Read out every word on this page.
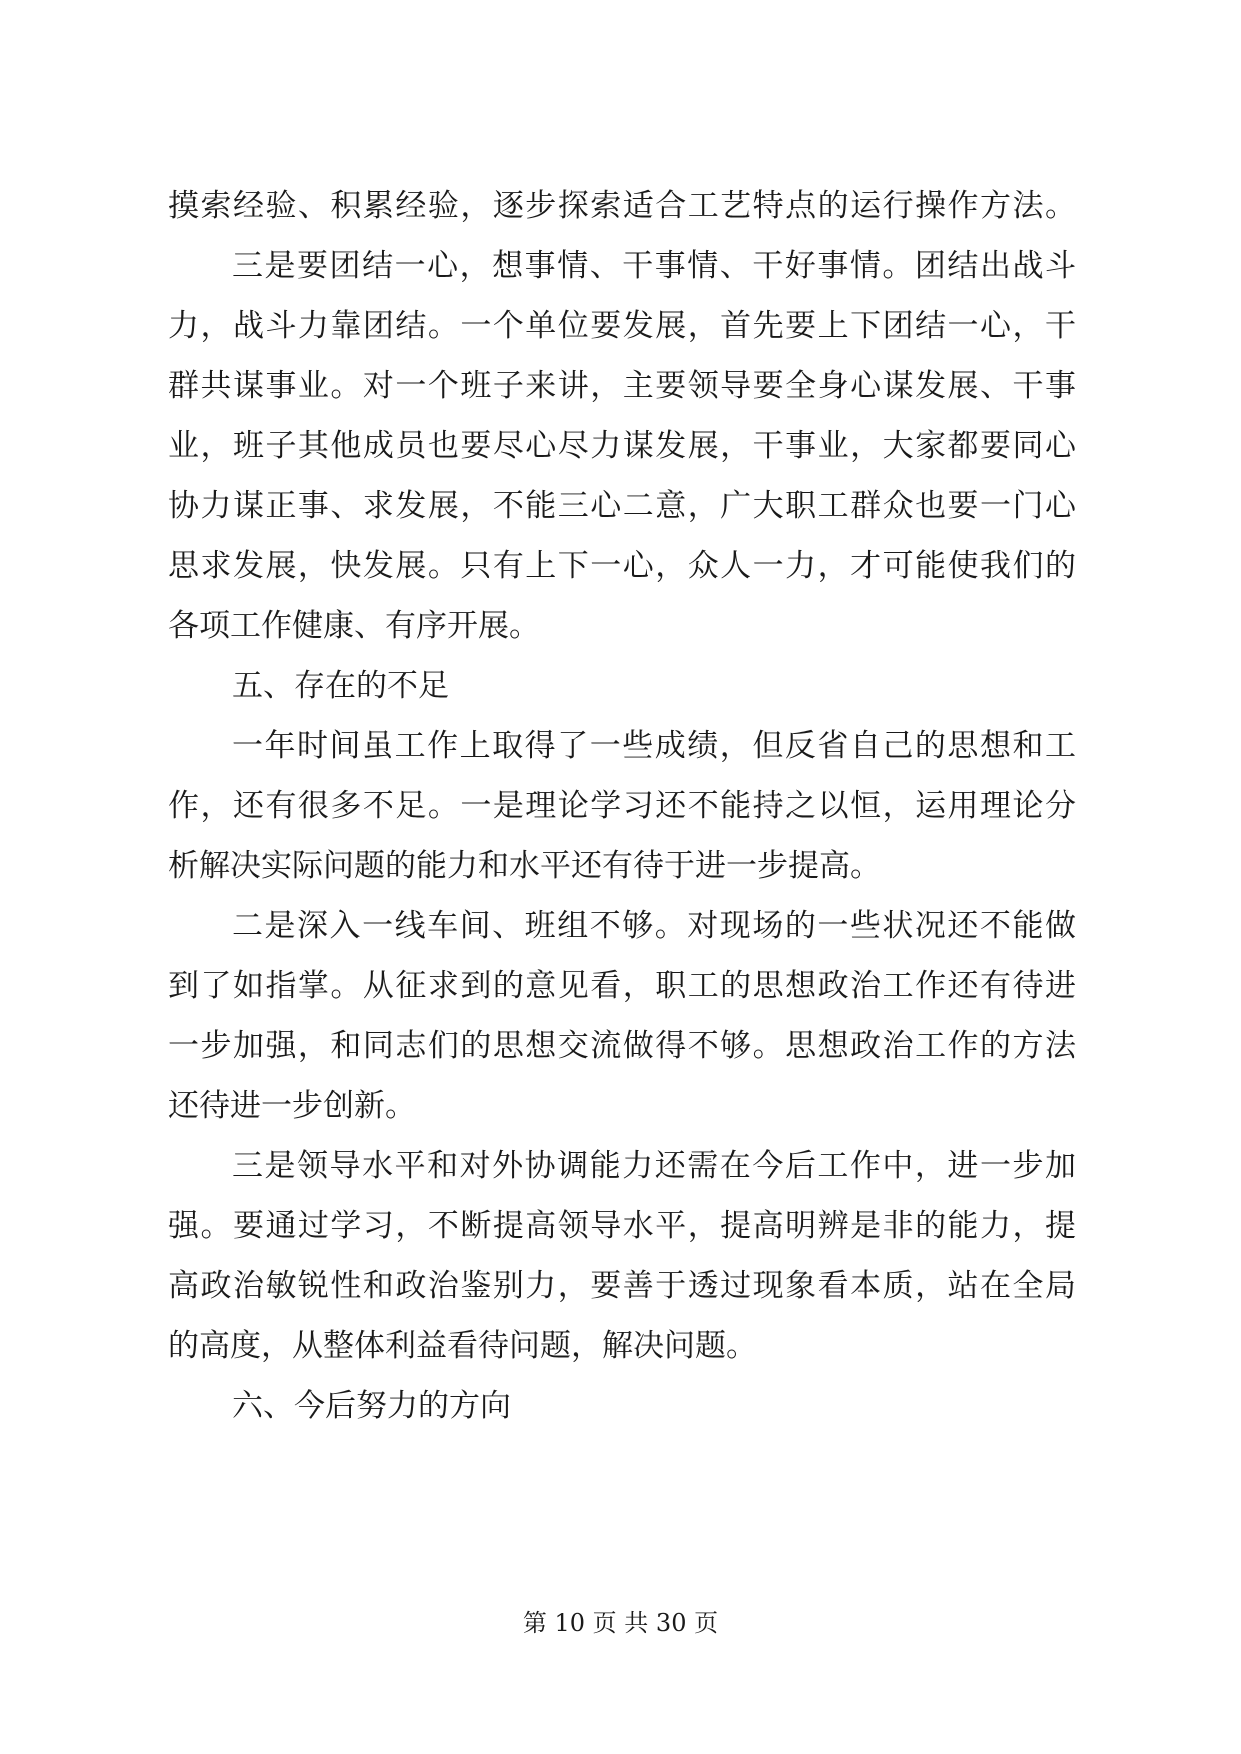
摸索经验、积累经验，逐步探索适合工艺特点的运行操作方法。
三是要团结一心，想事情、干事情、干好事情。团结出战斗
力，战斗力靠团结。一个单位要发展，首先要上下团结一心，干
群共谋事业。对一个班子来讲，主要领导要全身心谋发展、干事
业，班子其他成员也要尽心尽力谋发展，干事业，大家都要同心
协力谋正事、求发展，不能三心二意，广大职工群众也要一门心
思求发展，快发展。只有上下一心，众人一力，才可能使我们的
各项工作健康、有序开展。
五、存在的不足
一年时间虽工作上取得了一些成绩，但反省自己的思想和工
作，还有很多不足。一是理论学习还不能持之以恒，运用理论分
析解决实际问题的能力和水平还有待于进一步提高。
二是深入一线车间、班组不够。对现场的一些状况还不能做
到了如指掌。从征求到的意见看，职工的思想政治工作还有待进
一步加强，和同志们的思想交流做得不够。思想政治工作的方法
还待进一步创新。
三是领导水平和对外协调能力还需在今后工作中，进一步加
强。要通过学习，不断提高领导水平，提高明辨是非的能力，提
高政治敏锐性和政治鉴别力，要善于透过现象看本质，站在全局
的高度，从整体利益看待问题，解决问题。
六、今后努力的方向
第 10 页 共 30 页
